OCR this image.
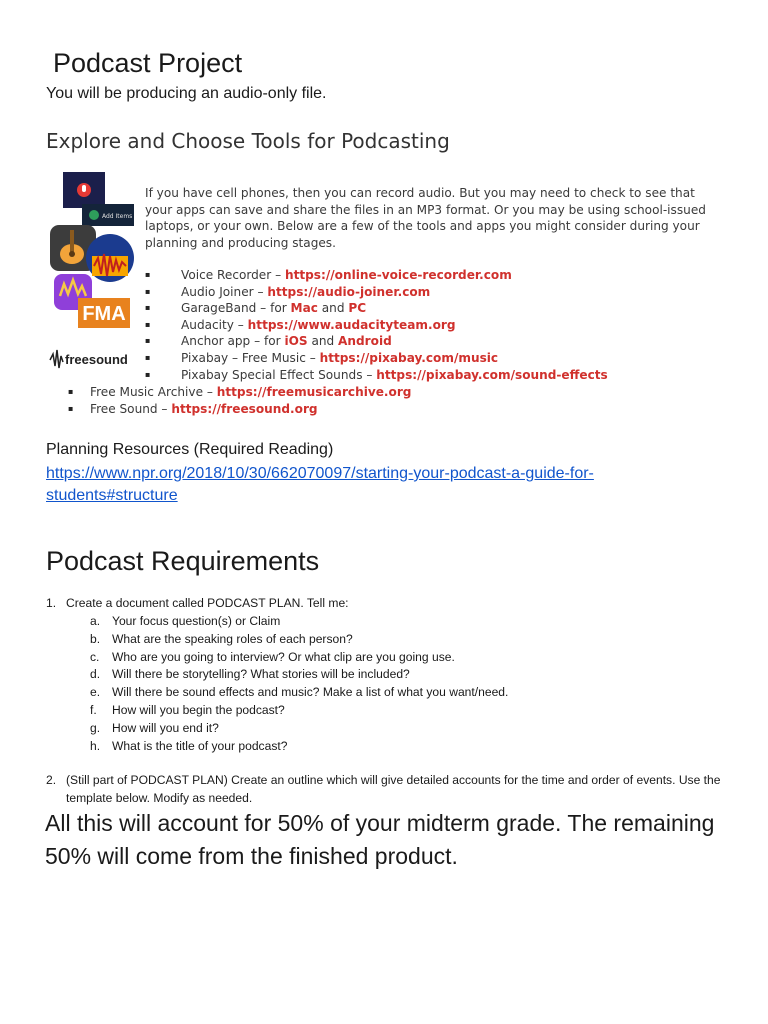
Podcast Project
You will be producing an audio-only file.
Explore and Choose Tools for Podcasting
Add Items
FMA
freesound
If you have cell phones, then you can record audio. But you may need to check to see that your apps can save and share the files in an MP3 format. Or you may be using school-issued laptops, or your own. Below are a few of the tools and apps you might consider during your planning and producing stages.
▪	Voice Recorder – https://online-voice-recorder.com
▪	Audio Joiner – https://audio-joiner.com
▪	GarageBand – for Mac and PC
▪	Audacity – https://www.audacityteam.org
▪	Anchor app – for iOS and Android
▪	Pixabay – Free Music – https://pixabay.com/music
▪	Pixabay Special Effect Sounds – https://pixabay.com/sound-effects
▪ Free Music Archive – https://freemusicarchive.org
▪ Free Sound – https://freesound.org
Planning Resources (Required Reading)
https://www.npr.org/2018/10/30/662070097/starting-your-podcast-a-guide-for-students#structure
Podcast Requirements
1. Create a document called PODCAST PLAN. Tell me:
a. Your focus question(s) or Claim
b. What are the speaking roles of each person?
c. Who are you going to interview? Or what clip are you going use.
d. Will there be storytelling? What stories will be included?
e. Will there be sound effects and music? Make a list of what you want/need.
f. How will you begin the podcast?
g. How will you end it?
h. What is the title of your podcast?
2. (Still part of PODCAST PLAN) Create an outline which will give detailed accounts for the time and order of events. Use the template below. Modify as needed.
All this will account for 50% of your midterm grade. The remaining 50% will come from the finished product.
